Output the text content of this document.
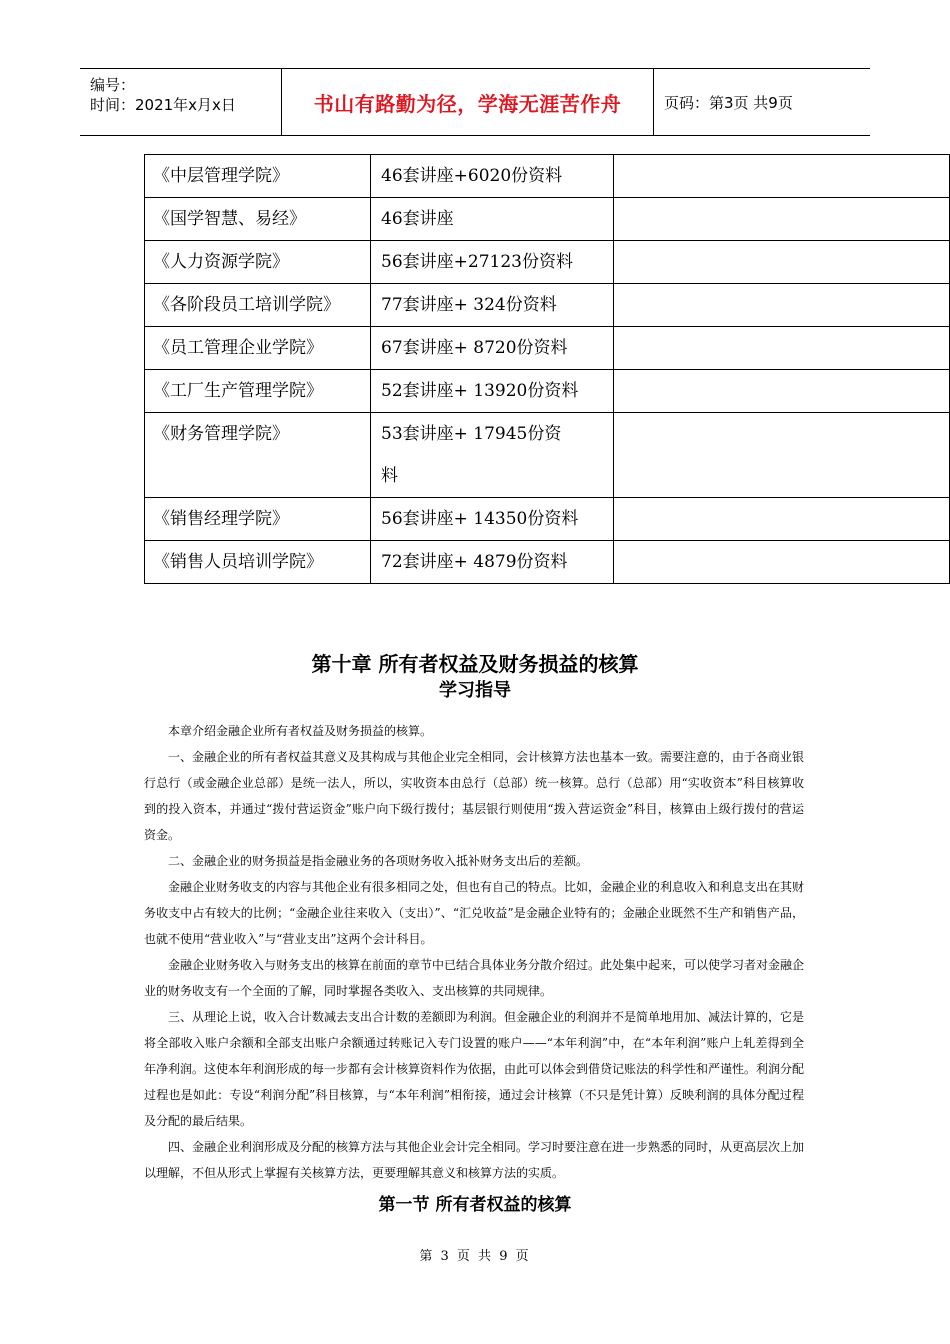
编号：
时间：2021年x月x日	书山有路勤为径，学海无涯苦作舟	页码：第3页 共9页
《中层管理学院》	46套讲座+6020份资料	
《国学智慧、易经》	46套讲座	
《人力资源学院》	56套讲座+27123份资料	
《各阶段员工培训学院》	77套讲座+ 324份资料	
《员工管理企业学院》	67套讲座+ 8720份资料	
《工厂生产管理学院》	52套讲座+ 13920份资料	
《财务管理学院》	53套讲座+ 17945份资料	
《销售经理学院》	56套讲座+ 14350份资料	
《销售人员培训学院》	72套讲座+ 4879份资料	
第十章 所有者权益及财务损益的核算
学习指导

本章介绍金融企业所有者权益及财务损益的核算。

一、金融企业的所有者权益其意义及其构成与其他企业完全相同，会计核算方法也基本一致。需要注意的，由于各商业银行总行（或金融企业总部）是统一法人，所以，实收资本由总行（总部）统一核算。总行（总部）用“实收资本”科目核算收到的投入资本，并通过“拨付营运资金”账户向下级行拨付；基层银行则使用“拨入营运资金”科目，核算由上级行拨付的营运资金。

二、金融企业的财务损益是指金融业务的各项财务收入抵补财务支出后的差额。

金融企业财务收支的内容与其他企业有很多相同之处，但也有自己的特点。比如，金融企业的利息收入和利息支出在其财务收支中占有较大的比例；“金融企业往来收入（支出）”、“汇兑收益”是金融企业特有的；金融企业既然不生产和销售产品，也就不使用“营业收入”与“营业支出”这两个会计科目。

金融企业财务收入与财务支出的核算在前面的章节中已结合具体业务分散介绍过。此处集中起来，可以使学习者对金融企业的财务收支有一个全面的了解，同时掌握各类收入、支出核算的共同规律。

三、从理论上说，收入合计数减去支出合计数的差额即为利润。但金融企业的利润并不是简单地用加、减法计算的，它是将全部收入账户余额和全部支出账户余额通过转账记入专门设置的账户——“本年利润”中，在“本年利润”账户上轧差得到全年净利润。这使本年利润形成的每一步都有会计核算资料作为依据，由此可以体会到借贷记账法的科学性和严谨性。利润分配过程也是如此：专设“利润分配”科目核算，与“本年利润”相衔接，通过会计核算（不只是凭计算）反映利润的具体分配过程及分配的最后结果。

四、金融企业利润形成及分配的核算方法与其他企业会计完全相同。学习时要注意在进一步熟悉的同时，从更高层次上加以理解，不但从形式上掌握有关核算方法，更要理解其意义和核算方法的实质。

第一节 所有者权益的核算
第 3 页 共 9 页
